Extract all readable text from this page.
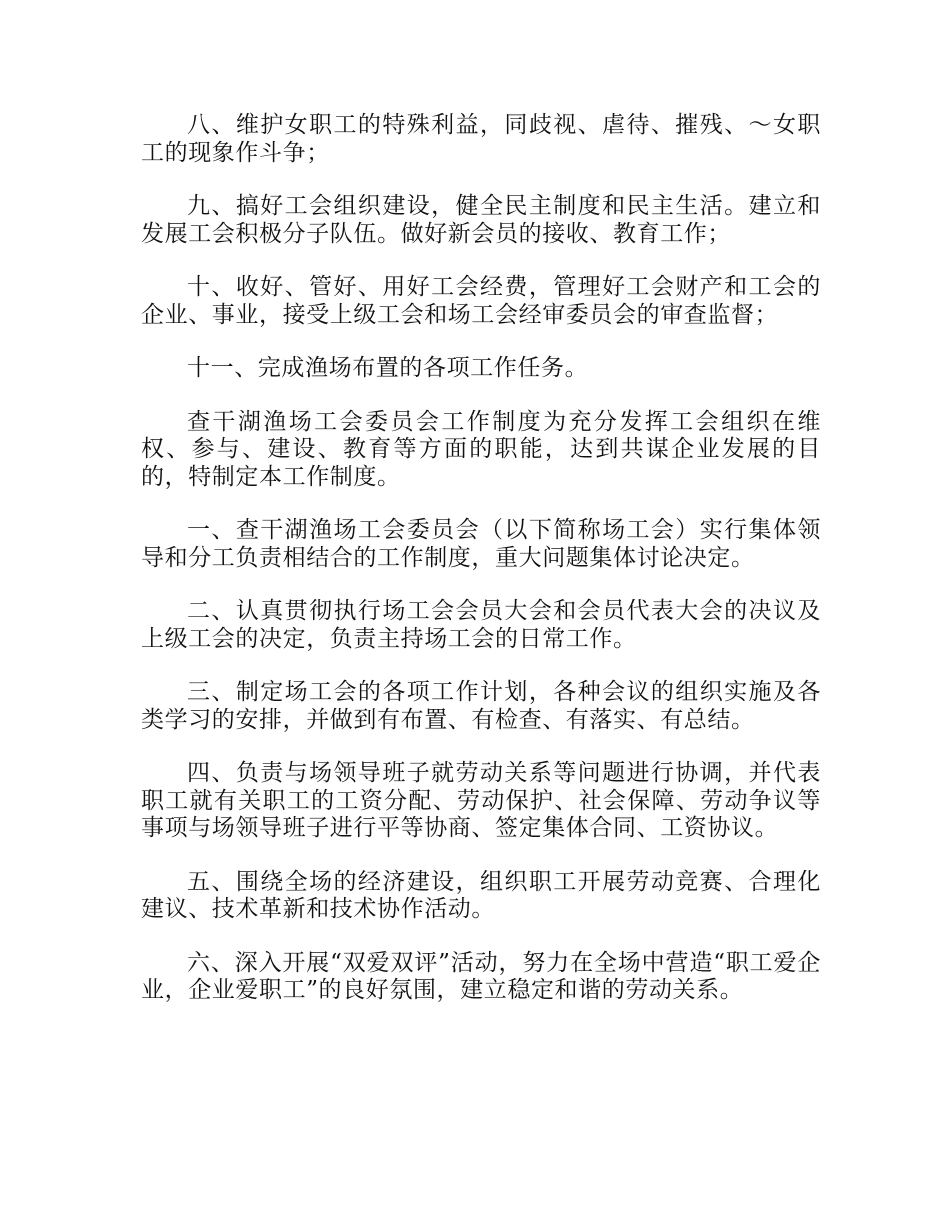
八、维护女职工的特殊利益，同歧视、虐待、摧残、～女职工的现象作斗争；

九、搞好工会组织建设，健全民主制度和民主生活。建立和发展工会积极分子队伍。做好新会员的接收、教育工作；

十、收好、管好、用好工会经费，管理好工会财产和工会的企业、事业，接受上级工会和场工会经审委员会的审查监督；

十一、完成渔场布置的各项工作任务。

查干湖渔场工会委员会工作制度为充分发挥工会组织在维权、参与、建设、教育等方面的职能，达到共谋企业发展的目的，特制定本工作制度。

一、查干湖渔场工会委员会（以下简称场工会）实行集体领导和分工负责相结合的工作制度，重大问题集体讨论决定。

二、认真贯彻执行场工会会员大会和会员代表大会的决议及上级工会的决定，负责主持场工会的日常工作。

三、制定场工会的各项工作计划，各种会议的组织实施及各类学习的安排，并做到有布置、有检查、有落实、有总结。

四、负责与场领导班子就劳动关系等问题进行协调，并代表职工就有关职工的工资分配、劳动保护、社会保障、劳动争议等事项与场领导班子进行平等协商、签定集体合同、工资协议。

五、围绕全场的经济建设，组织职工开展劳动竞赛、合理化建议、技术革新和技术协作活动。

六、深入开展“双爱双评”活动，努力在全场中营造“职工爱企业，企业爱职工”的良好氛围，建立稳定和谐的劳动关系。
